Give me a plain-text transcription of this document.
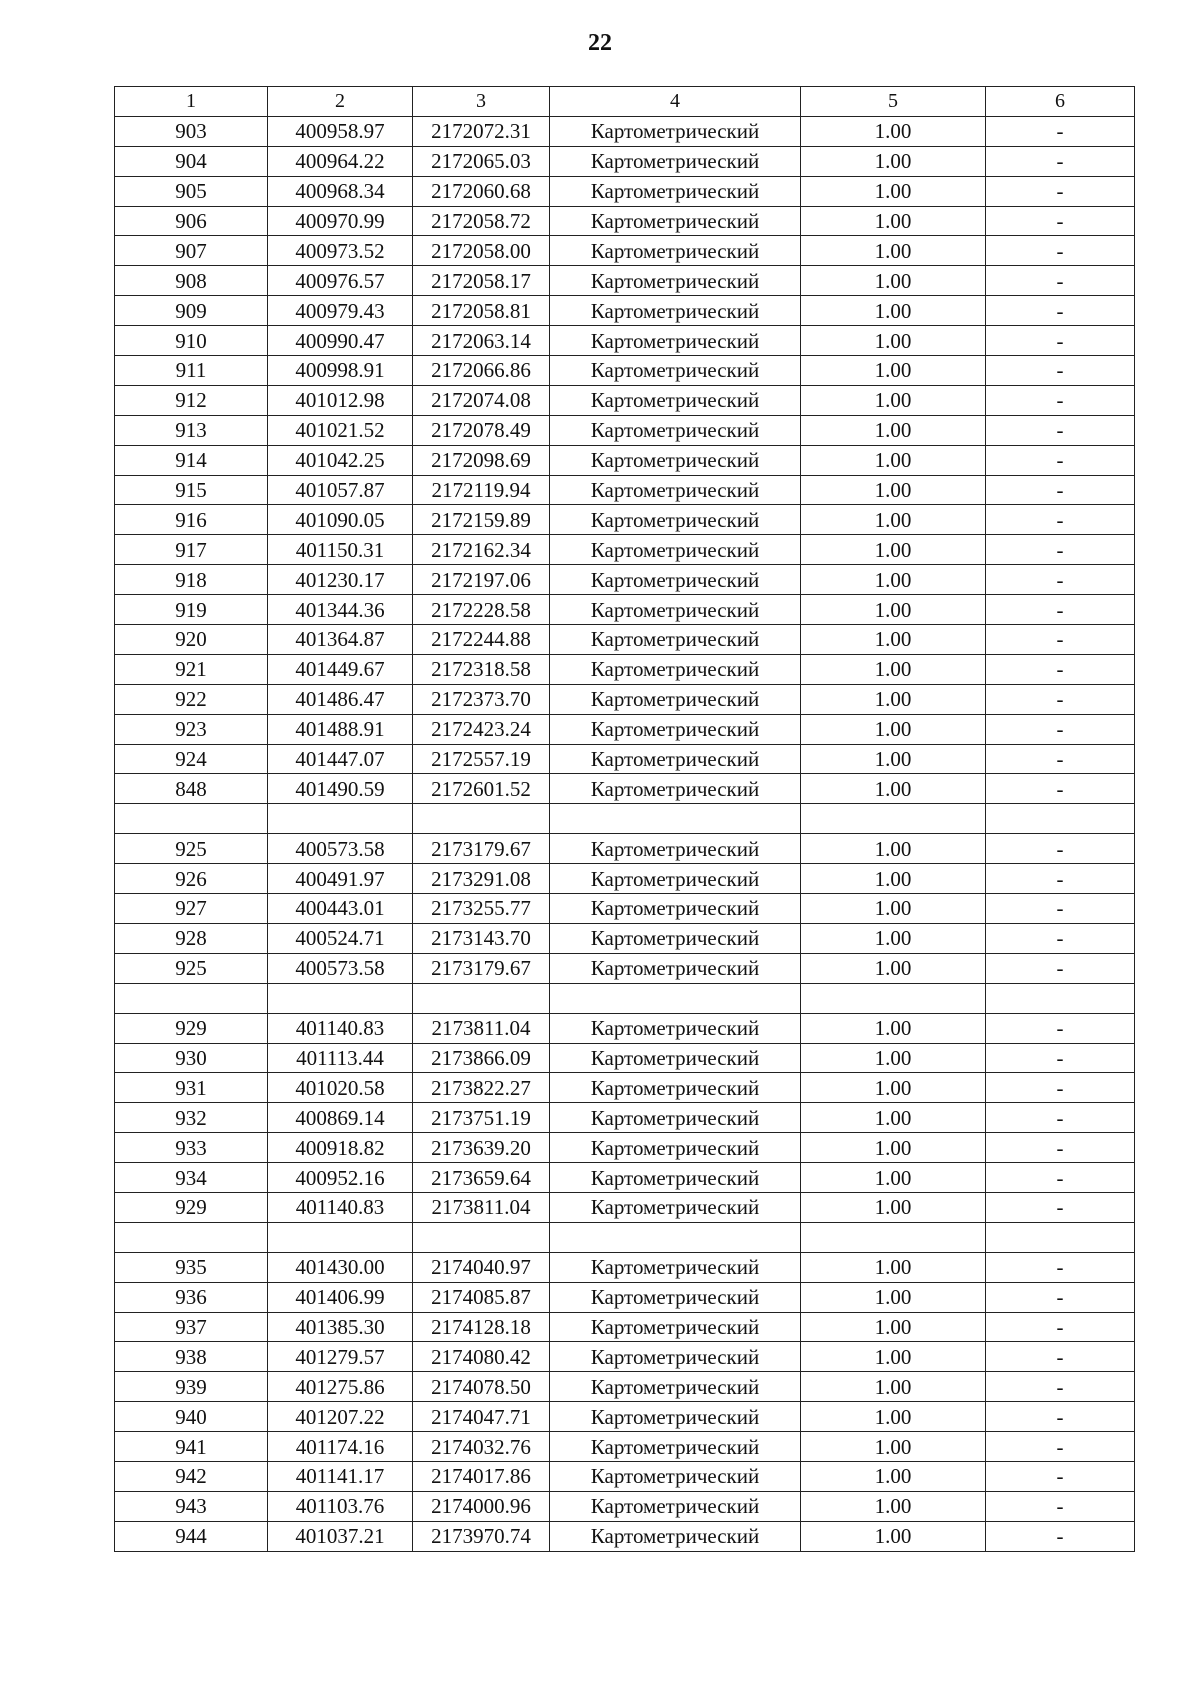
22
1	2	3	4	5	6
903	400958.97	2172072.31	Картометрический	1.00	-
904	400964.22	2172065.03	Картометрический	1.00	-
905	400968.34	2172060.68	Картометрический	1.00	-
906	400970.99	2172058.72	Картометрический	1.00	-
907	400973.52	2172058.00	Картометрический	1.00	-
908	400976.57	2172058.17	Картометрический	1.00	-
909	400979.43	2172058.81	Картометрический	1.00	-
910	400990.47	2172063.14	Картометрический	1.00	-
911	400998.91	2172066.86	Картометрический	1.00	-
912	401012.98	2172074.08	Картометрический	1.00	-
913	401021.52	2172078.49	Картометрический	1.00	-
914	401042.25	2172098.69	Картометрический	1.00	-
915	401057.87	2172119.94	Картометрический	1.00	-
916	401090.05	2172159.89	Картометрический	1.00	-
917	401150.31	2172162.34	Картометрический	1.00	-
918	401230.17	2172197.06	Картометрический	1.00	-
919	401344.36	2172228.58	Картометрический	1.00	-
920	401364.87	2172244.88	Картометрический	1.00	-
921	401449.67	2172318.58	Картометрический	1.00	-
922	401486.47	2172373.70	Картометрический	1.00	-
923	401488.91	2172423.24	Картометрический	1.00	-
924	401447.07	2172557.19	Картометрический	1.00	-
848	401490.59	2172601.52	Картометрический	1.00	-

925	400573.58	2173179.67	Картометрический	1.00	-
926	400491.97	2173291.08	Картометрический	1.00	-
927	400443.01	2173255.77	Картометрический	1.00	-
928	400524.71	2173143.70	Картометрический	1.00	-
925	400573.58	2173179.67	Картометрический	1.00	-

929	401140.83	2173811.04	Картометрический	1.00	-
930	401113.44	2173866.09	Картометрический	1.00	-
931	401020.58	2173822.27	Картометрический	1.00	-
932	400869.14	2173751.19	Картометрический	1.00	-
933	400918.82	2173639.20	Картометрический	1.00	-
934	400952.16	2173659.64	Картометрический	1.00	-
929	401140.83	2173811.04	Картометрический	1.00	-

935	401430.00	2174040.97	Картометрический	1.00	-
936	401406.99	2174085.87	Картометрический	1.00	-
937	401385.30	2174128.18	Картометрический	1.00	-
938	401279.57	2174080.42	Картометрический	1.00	-
939	401275.86	2174078.50	Картометрический	1.00	-
940	401207.22	2174047.71	Картометрический	1.00	-
941	401174.16	2174032.76	Картометрический	1.00	-
942	401141.17	2174017.86	Картометрический	1.00	-
943	401103.76	2174000.96	Картометрический	1.00	-
944	401037.21	2173970.74	Картометрический	1.00	-
